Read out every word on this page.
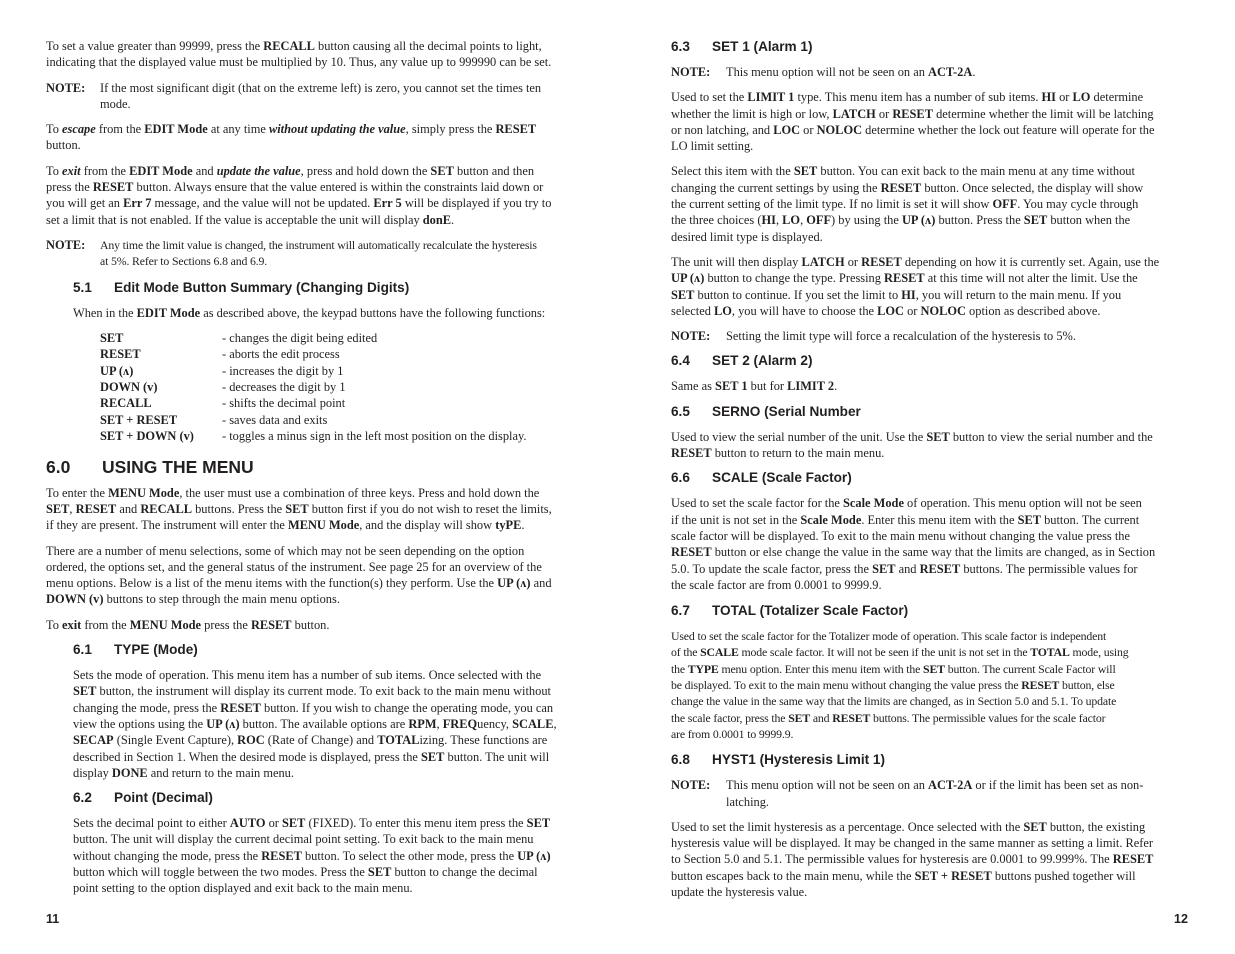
To set a value greater than 99999, press the RECALL button causing all the decimal points to light,
indicating that the displayed value must be multiplied by 10. Thus, any value up to 999990 can be set.

NOTE:	If the most significant digit (that on the extreme left) is zero, you cannot set the times ten
mode.

To escape from the EDIT Mode at any time without updating the value, simply press the RESET
button.

To exit from the EDIT Mode and update the value, press and hold down the SET button and then
press the RESET button. Always ensure that the value entered is within the constraints laid down or
you will get an Err 7 message, and the value will not be updated. Err 5 will be displayed if you try to
set a limit that is not enabled. If the value is acceptable the unit will display donE.

NOTE:	Any time the limit value is changed, the instrument will automatically recalculate the hysteresis
at 5%. Refer to Sections 6.8 and 6.9.

5.1 Edit Mode Button Summary (Changing Digits)

When in the EDIT Mode as described above, the keypad buttons have the following functions:

SET	- changes the digit being edited
RESET	- aborts the edit process
UP (ʌ)	- increases the digit by 1
DOWN (v)	- decreases the digit by 1
RECALL	- shifts the decimal point
SET + RESET	- saves data and exits
SET + DOWN (v)	- toggles a minus sign in the left most position on the display.
6.0 USING THE MENU

To enter the MENU Mode, the user must use a combination of three keys. Press and hold down the
SET, RESET and RECALL buttons. Press the SET button first if you do not wish to reset the limits,
if they are present. The instrument will enter the MENU Mode, and the display will show tyPE.

There are a number of menu selections, some of which may not be seen depending on the option
ordered, the options set, and the general status of the instrument. See page 25 for an overview of the
menu options. Below is a list of the menu items with the function(s) they perform. Use the UP (ʌ) and
DOWN (v) buttons to step through the main menu options.

To exit from the MENU Mode press the RESET button.

6.1 TYPE (Mode)

Sets the mode of operation. This menu item has a number of sub items. Once selected with the
SET button, the instrument will display its current mode. To exit back to the main menu without
changing the mode, press the RESET button. If you wish to change the operating mode, you can
view the options using the UP (ʌ) button. The available options are RPM, FREQuency, SCALE,
SECAP (Single Event Capture), ROC (Rate of Change) and TOTALizing. These functions are
described in Section 1. When the desired mode is displayed, press the SET button. The unit will
display DONE and return to the main menu.

6.2 Point (Decimal)

Sets the decimal point to either AUTO or SET (FIXED). To enter this menu item press the SET
button. The unit will display the current decimal point setting. To exit back to the main menu
without changing the mode, press the RESET button. To select the other mode, press the UP (ʌ)
button which will toggle between the two modes. Press the SET button to change the decimal
point setting to the option displayed and exit back to the main menu.

11
6.3 SET 1 (Alarm 1)

NOTE:	This menu option will not be seen on an ACT-2A.

Used to set the LIMIT 1 type. This menu item has a number of sub items. HI or LO determine
whether the limit is high or low, LATCH or RESET determine whether the limit will be latching
or non latching, and LOC or NOLOC determine whether the lock out feature will operate for the
LO limit setting.

Select this item with the SET button. You can exit back to the main menu at any time without
changing the current settings by using the RESET button. Once selected, the display will show
the current setting of the limit type. If no limit is set it will show OFF. You may cycle through
the three choices (HI, LO, OFF) by using the UP (ʌ) button. Press the SET button when the
desired limit type is displayed.

The unit will then display LATCH or RESET depending on how it is currently set. Again, use the
UP (ʌ) button to change the type. Pressing RESET at this time will not alter the limit. Use the
SET button to continue. If you set the limit to HI, you will return to the main menu. If you
selected LO, you will have to choose the LOC or NOLOC option as described above.

NOTE:	Setting the limit type will force a recalculation of the hysteresis to 5%.

6.4 SET 2 (Alarm 2)

Same as SET 1 but for LIMIT 2.

6.5 SERNO (Serial Number

Used to view the serial number of the unit. Use the SET button to view the serial number and the
RESET button to return to the main menu.

6.6 SCALE (Scale Factor)

Used to set the scale factor for the Scale Mode of operation. This menu option will not be seen
if the unit is not set in the Scale Mode. Enter this menu item with the SET button. The current
scale factor will be displayed. To exit to the main menu without changing the value press the
RESET button or else change the value in the same way that the limits are changed, as in Section
5.0. To update the scale factor, press the SET and RESET buttons. The permissible values for
the scale factor are from 0.0001 to 9999.9.

6.7 TOTAL (Totalizer Scale Factor)

Used to set the scale factor for the Totalizer mode of operation. This scale factor is independent
of the SCALE mode scale factor. It will not be seen if the unit is not set in the TOTAL mode, using
the TYPE menu option. Enter this menu item with the SET button. The current Scale Factor will
be displayed. To exit to the main menu without changing the value press the RESET button, else
change the value in the same way that the limits are changed, as in Section 5.0 and 5.1. To update
the scale factor, press the SET and RESET buttons. The permissible values for the scale factor
are from 0.0001 to 9999.9.

6.8 HYST1 (Hysteresis Limit 1)

NOTE:	This menu option will not be seen on an ACT-2A or if the limit has been set as non-
latching.

Used to set the limit hysteresis as a percentage. Once selected with the SET button, the existing
hysteresis value will be displayed. It may be changed in the same manner as setting a limit. Refer
to Section 5.0 and 5.1. The permissible values for hysteresis are 0.0001 to 99.999%. The RESET
button escapes back to the main menu, while the SET + RESET buttons pushed together will
update the hysteresis value.

12
